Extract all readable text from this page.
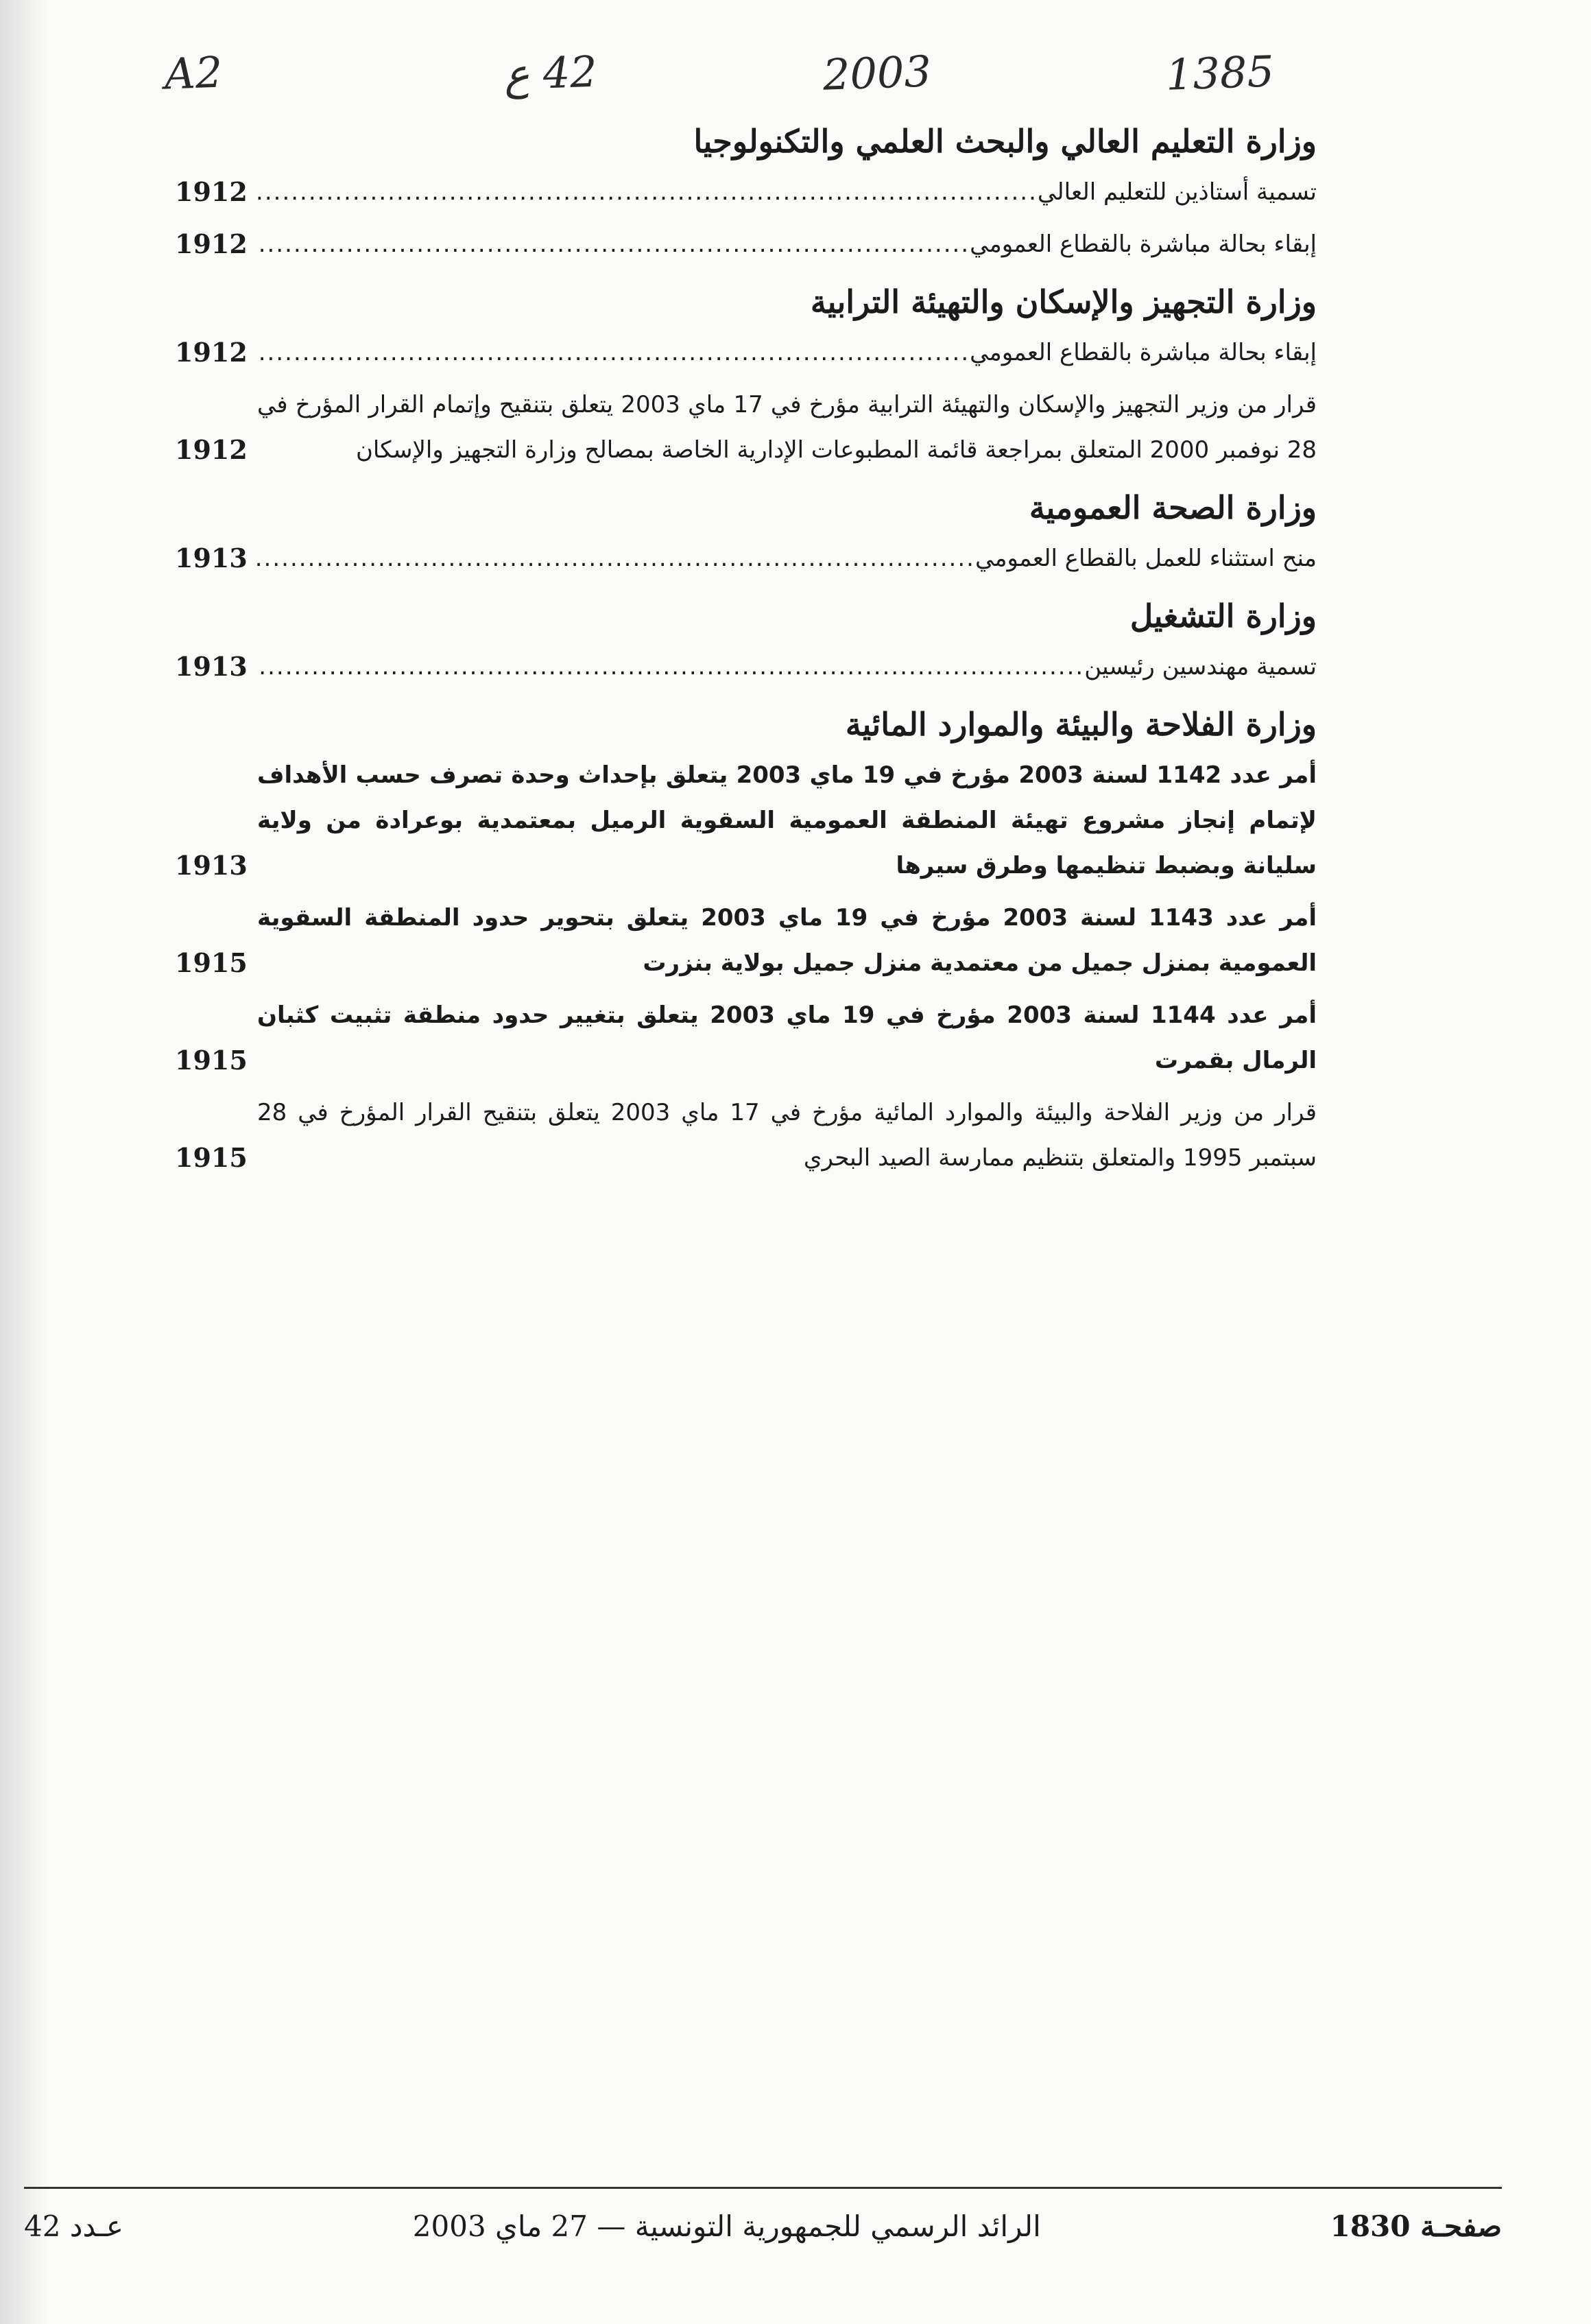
A2	42 ع	2003	1385
وزارة التعليم العالي والبحث العلمي والتكنولوجيا
تسمية أستاذين للتعليم العالي
.....
1912
إبقاء بحالة مباشرة بالقطاع العمومي
.....
1912
وزارة التجهيز والإسكان والتهيئة الترابية
إبقاء بحالة مباشرة بالقطاع العمومي
.....
1912
قرار من وزير التجهيز والإسكان والتهيئة الترابية مؤرخ في 17 ماي 2003 يتعلق بتنقيح وإتمام القرار المؤرخ في 28 نوفمبر 2000 المتعلق بمراجعة قائمة المطبوعات الإدارية الخاصة بمصالح وزارة التجهيز والإسكان
1912
وزارة الصحة العمومية
منح استثناء للعمل بالقطاع العمومي
.....
1913
وزارة التشغيل
تسمية مهندسين رئيسين
.....
1913
وزارة الفلاحة والبيئة والموارد المائية
أمر عدد 1142 لسنة 2003 مؤرخ في 19 ماي 2003 يتعلق بإحداث وحدة تصرف حسب الأهداف لإتمام إنجاز مشروع تهيئة المنطقة العمومية السقوية الرميل بمعتمدية بوعرادة من ولاية سليانة وبضبط تنظيمها وطرق سيرها
1913
أمر عدد 1143 لسنة 2003 مؤرخ في 19 ماي 2003 يتعلق بتحوير حدود المنطقة السقوية العمومية بمنزل جميل من معتمدية منزل جميل بولاية بنزرت
1915
أمر عدد 1144 لسنة 2003 مؤرخ في 19 ماي 2003 يتعلق بتغيير حدود منطقة تثبيت كثبان الرمال بقمرت
1915
قرار من وزير الفلاحة والبيئة والموارد المائية مؤرخ في 17 ماي 2003 يتعلق بتنقيح القرار المؤرخ في 28 سبتمبر 1995 والمتعلق بتنظيم ممارسة الصيد البحري
1915
عـدد 42	الرائد الرسمي للجمهورية التونسية — 27 ماي 2003	صفحـة 1830
